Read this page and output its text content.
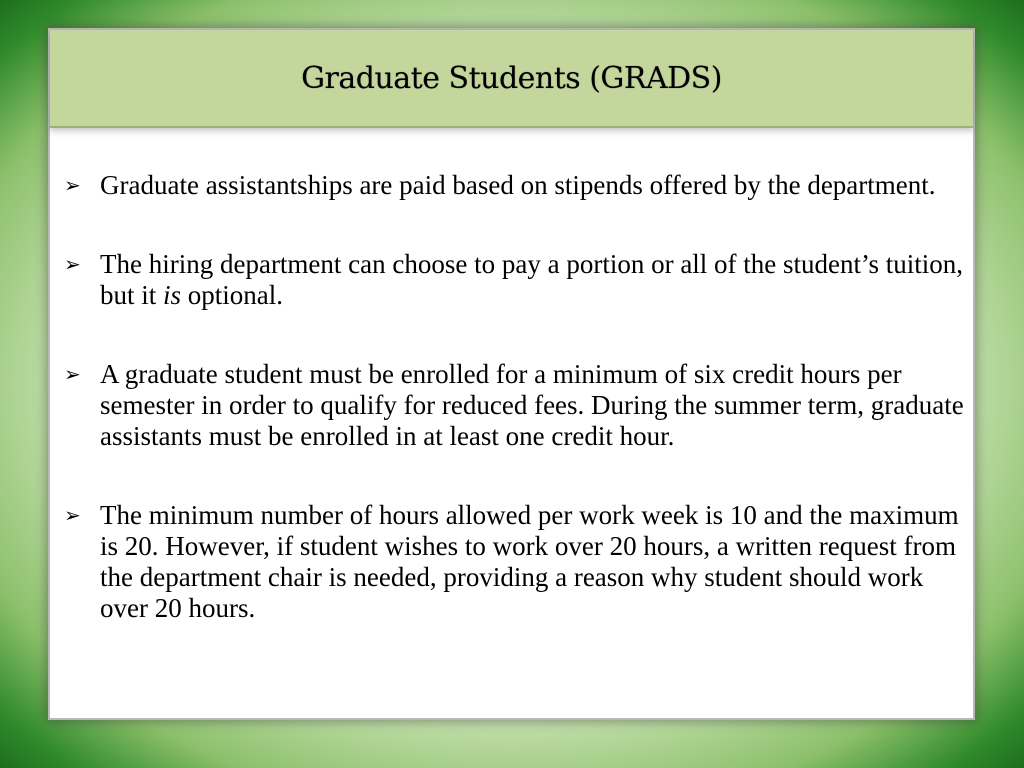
Graduate Students (GRADS)
➢ Graduate assistantships are paid based on stipends offered by the department.
➢ The hiring department can choose to pay a portion or all of the student’s tuition, but it is optional.
➢ A graduate student must be enrolled for a minimum of six credit hours per semester in order to qualify for reduced fees. During the summer term, graduate assistants must be enrolled in at least one credit hour.
➢ The minimum number of hours allowed per work week is 10 and the maximum is 20. However, if student wishes to work over 20 hours, a written request from the department chair is needed, providing a reason why student should work over 20 hours.
